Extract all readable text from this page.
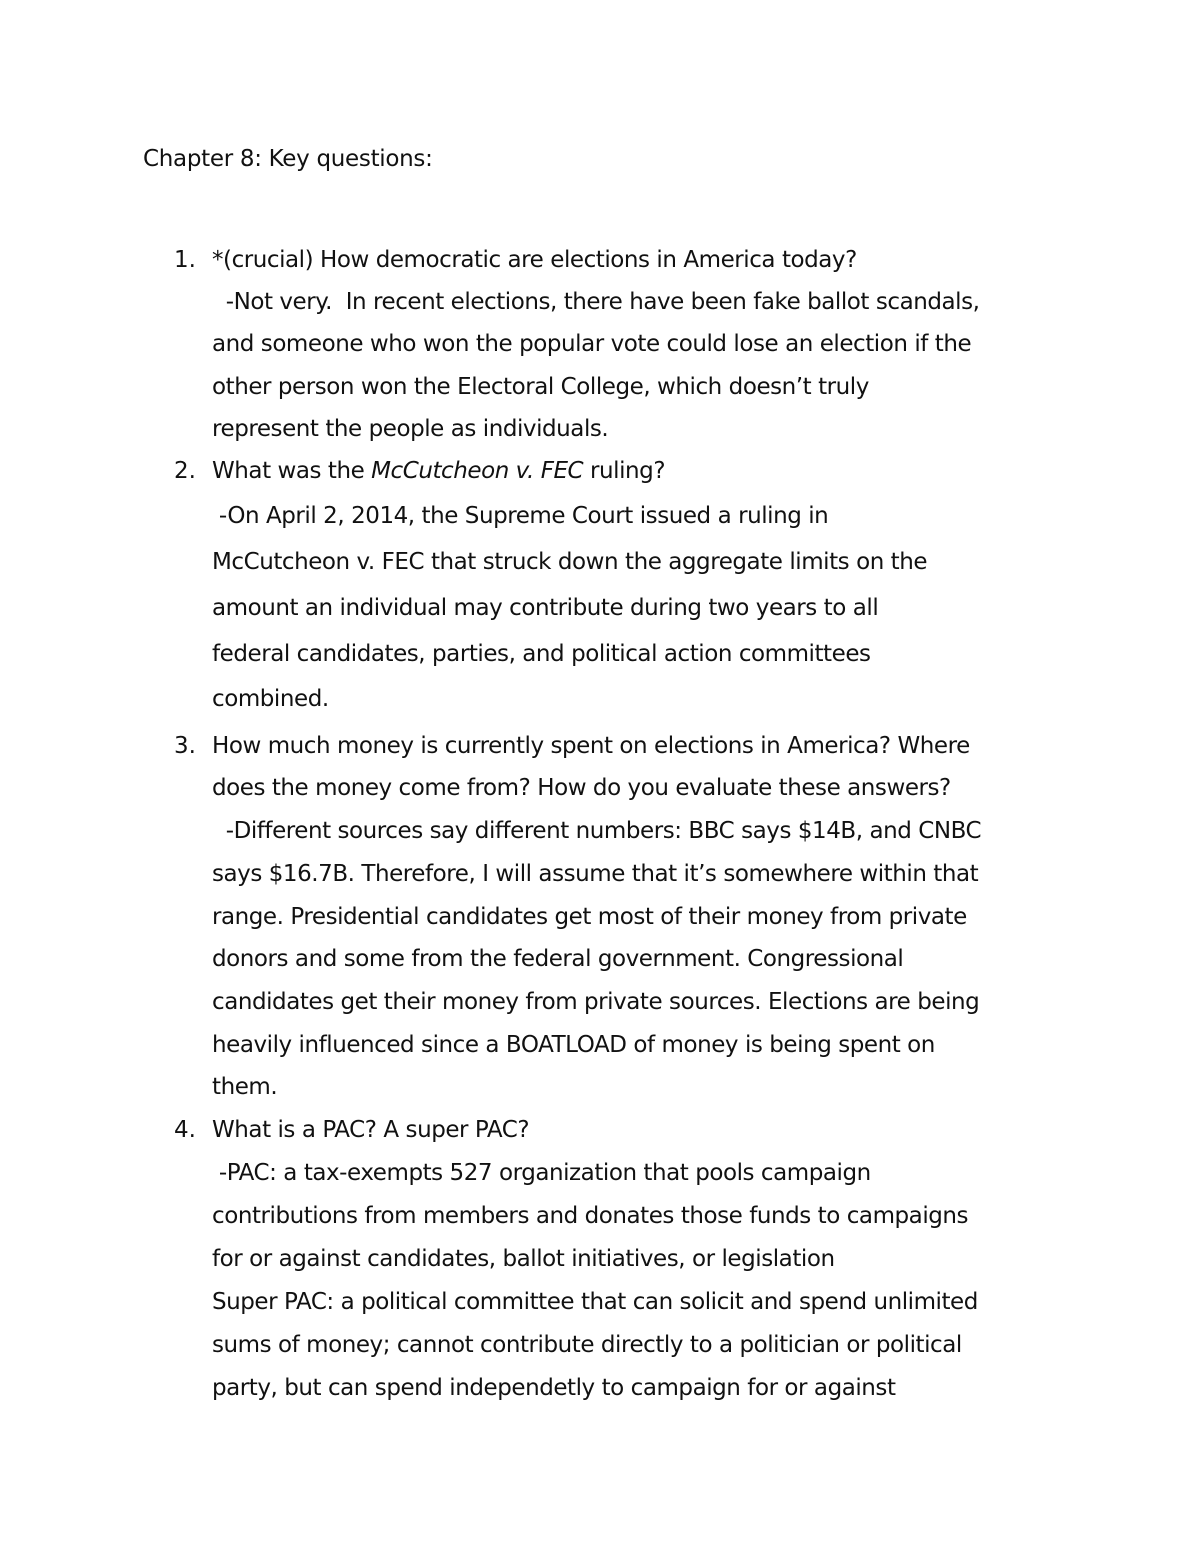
Chapter 8: Key questions:
1. *(crucial) How democratic are elections in America today?
-Not very.  In recent elections, there have been fake ballot scandals,
and someone who won the popular vote could lose an election if the
other person won the Electoral College, which doesn’t truly
represent the people as individuals.
2. What was the McCutcheon v. FEC ruling?
-On April 2, 2014, the Supreme Court issued a ruling in
McCutcheon v. FEC that struck down the aggregate limits on the
amount an individual may contribute during two years to all
federal candidates, parties, and political action committees
combined.
3. How much money is currently spent on elections in America? Where
does the money come from? How do you evaluate these answers?
-Different sources say different numbers: BBC says $14B, and CNBC
says $16.7B. Therefore, I will assume that it’s somewhere within that
range. Presidential candidates get most of their money from private
donors and some from the federal government. Congressional
candidates get their money from private sources. Elections are being
heavily influenced since a BOATLOAD of money is being spent on
them.
4. What is a PAC? A super PAC?
-PAC: a tax-exempts 527 organization that pools campaign
contributions from members and donates those funds to campaigns
for or against candidates, ballot initiatives, or legislation
Super PAC: a political committee that can solicit and spend unlimited
sums of money; cannot contribute directly to a politician or political
party, but can spend independetly to campaign for or against
